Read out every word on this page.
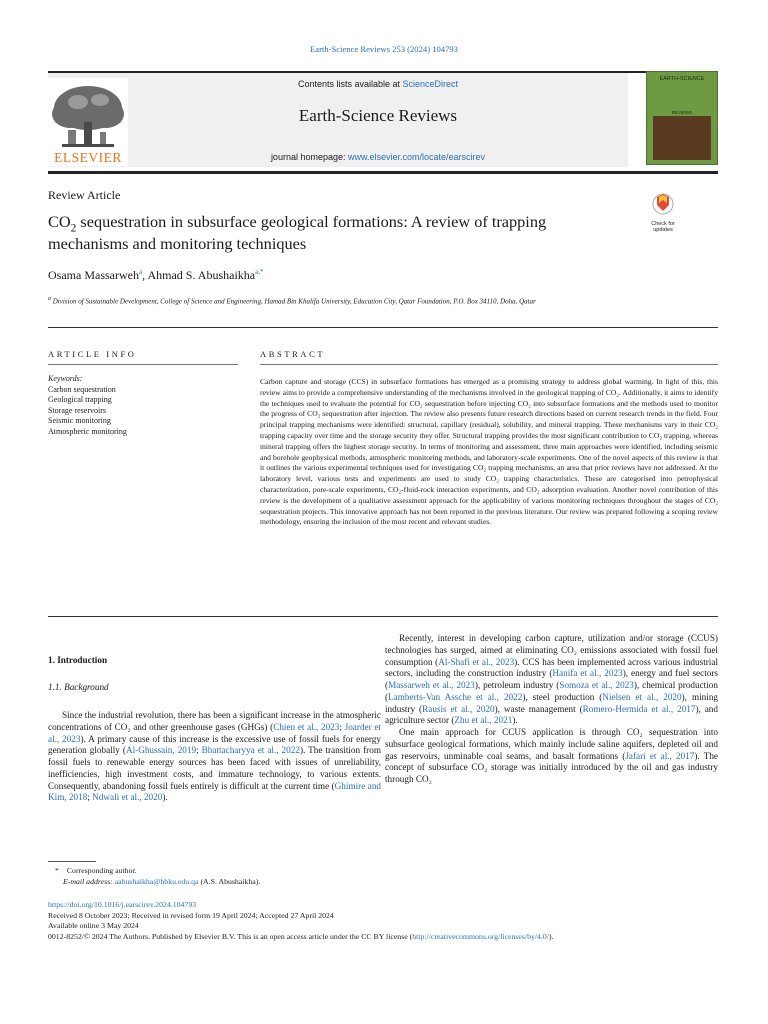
Earth-Science Reviews 253 (2024) 104793
ELSEVIER
Contents lists available at ScienceDirect
Earth-Science Reviews
journal homepage: www.elsevier.com/locate/earscirev
EARTH-SCIENCE
REVIEWS
Review Article
$CO_2$ sequestration in subsurface geological formations: A review of trapping mechanisms and monitoring techniques
Check for updates
Osama Massarweh$^a$, Ahmad S. Abushaikha$^{a,*}$
$^a$ Division of Sustainable Development, College of Science and Engineering, Hamad Bin Khalifa University, Education City, Qatar Foundation, P.O. Box 34110, Doha, Qatar
ARTICLE INFO	ABSTRACT
Keywords:
Carbon sequestration
Geological trapping
Storage reservoirs
Seismic monitoring
Atmospheric monitoring
Carbon capture and storage (CCS) in subsurface formations has emerged as a promising strategy to address global warming. In light of this, this review aims to provide a comprehensive understanding of the mechanisms involved in the geological trapping of CO₂. Additionally, it aims to identify the techniques used to evaluate the potential for CO₂ sequestration before injecting CO₂ into subsurface formations and the methods used to monitor the progress of CO₂ sequestration after injection. The review also presents future research directions based on current research trends in the field. Four principal trapping mechanisms were identified: structural, capillary (residual), solubility, and mineral trapping. These mechanisms vary in their CO₂ trapping capacity over time and the storage security they offer. Structural trapping provides the most significant contribution to CO₂ trapping, whereas mineral trapping offers the highest storage security. In terms of monitoring and assessment, three main approaches were identified, including seismic and borehole geophysical methods, atmospheric monitoring methods, and laboratory-scale experiments. One of the novel aspects of this review is that it outlines the various experimental techniques used for investigating CO₂ trapping mechanisms, an area that prior reviews have not addressed. At the laboratory level, various tests and experiments are used to study CO₂ trapping characteristics. These are categorised into petrophysical characterization, pore-scale experiments, CO₂-fluid-rock interaction experiments, and CO₂ adsorption evaluation. Another novel contribution of this review is the development of a qualitative assessment approach for the applicability of various monitoring techniques throughout the stages of CO₂ sequestration projects. This innovative approach has not been reported in the previous literature. Our review was prepared following a scoping review methodology, ensuring the inclusion of the most recent and relevant studies.
1. Introduction
1.1. Background

Since the industrial revolution, there has been a significant increase in the atmospheric concentrations of CO₂ and other greenhouse gases (GHGs) (Chien et al., 2023; Joarder et al., 2023). A primary cause of this increase is the excessive use of fossil fuels for energy generation globally (Al-Ghussain, 2019; Bhattacharyya et al., 2022). The transition from fossil fuels to renewable energy sources has been faced with issues of unreliability, inefficiencies, high investment costs, and immature technology, to various extents. Consequently, abandoning fossil fuels entirely is difficult at the current time (Ghimire and Kim, 2018; Ndwali et al., 2020).

Recently, interest in developing carbon capture, utilization and/or storage (CCUS) technologies has surged, aimed at eliminating CO₂ emissions associated with fossil fuel consumption (Al-Shafi et al., 2023). CCS has been implemented across various industrial sectors, including the construction industry (Hanifa et al., 2023), energy and fuel sectors (Massarweh et al., 2023), petroleum industry (Somoza et al., 2023), chemical production (Lamberts-Van Assche et al., 2022), steel production (Nielsen et al., 2020), mining industry (Rausis et al., 2020), waste management (Romero-Hermida et al., 2017), and agriculture sector (Zhu et al., 2021).

One main approach for CCUS application is through CO₂ sequestration into subsurface geological formations, which mainly include saline aquifers, depleted oil and gas reservoirs, unminable coal seams, and basalt formations (Jafari et al., 2017). The concept of subsurface CO₂ storage was initially introduced by the oil and gas industry through CO₂

* Corresponding author.
E-mail address: aabushaikha@hbku.edu.qa (A.S. Abushaikha).
https://doi.org/10.1016/j.earscirev.2024.104793
Received 8 October 2023; Received in revised form 19 April 2024; Accepted 27 April 2024
Available online 3 May 2024
0012-8252/© 2024 The Authors. Published by Elsevier B.V. This is an open access article under the CC BY license (http://creativecommons.org/licenses/by/4.0/).
